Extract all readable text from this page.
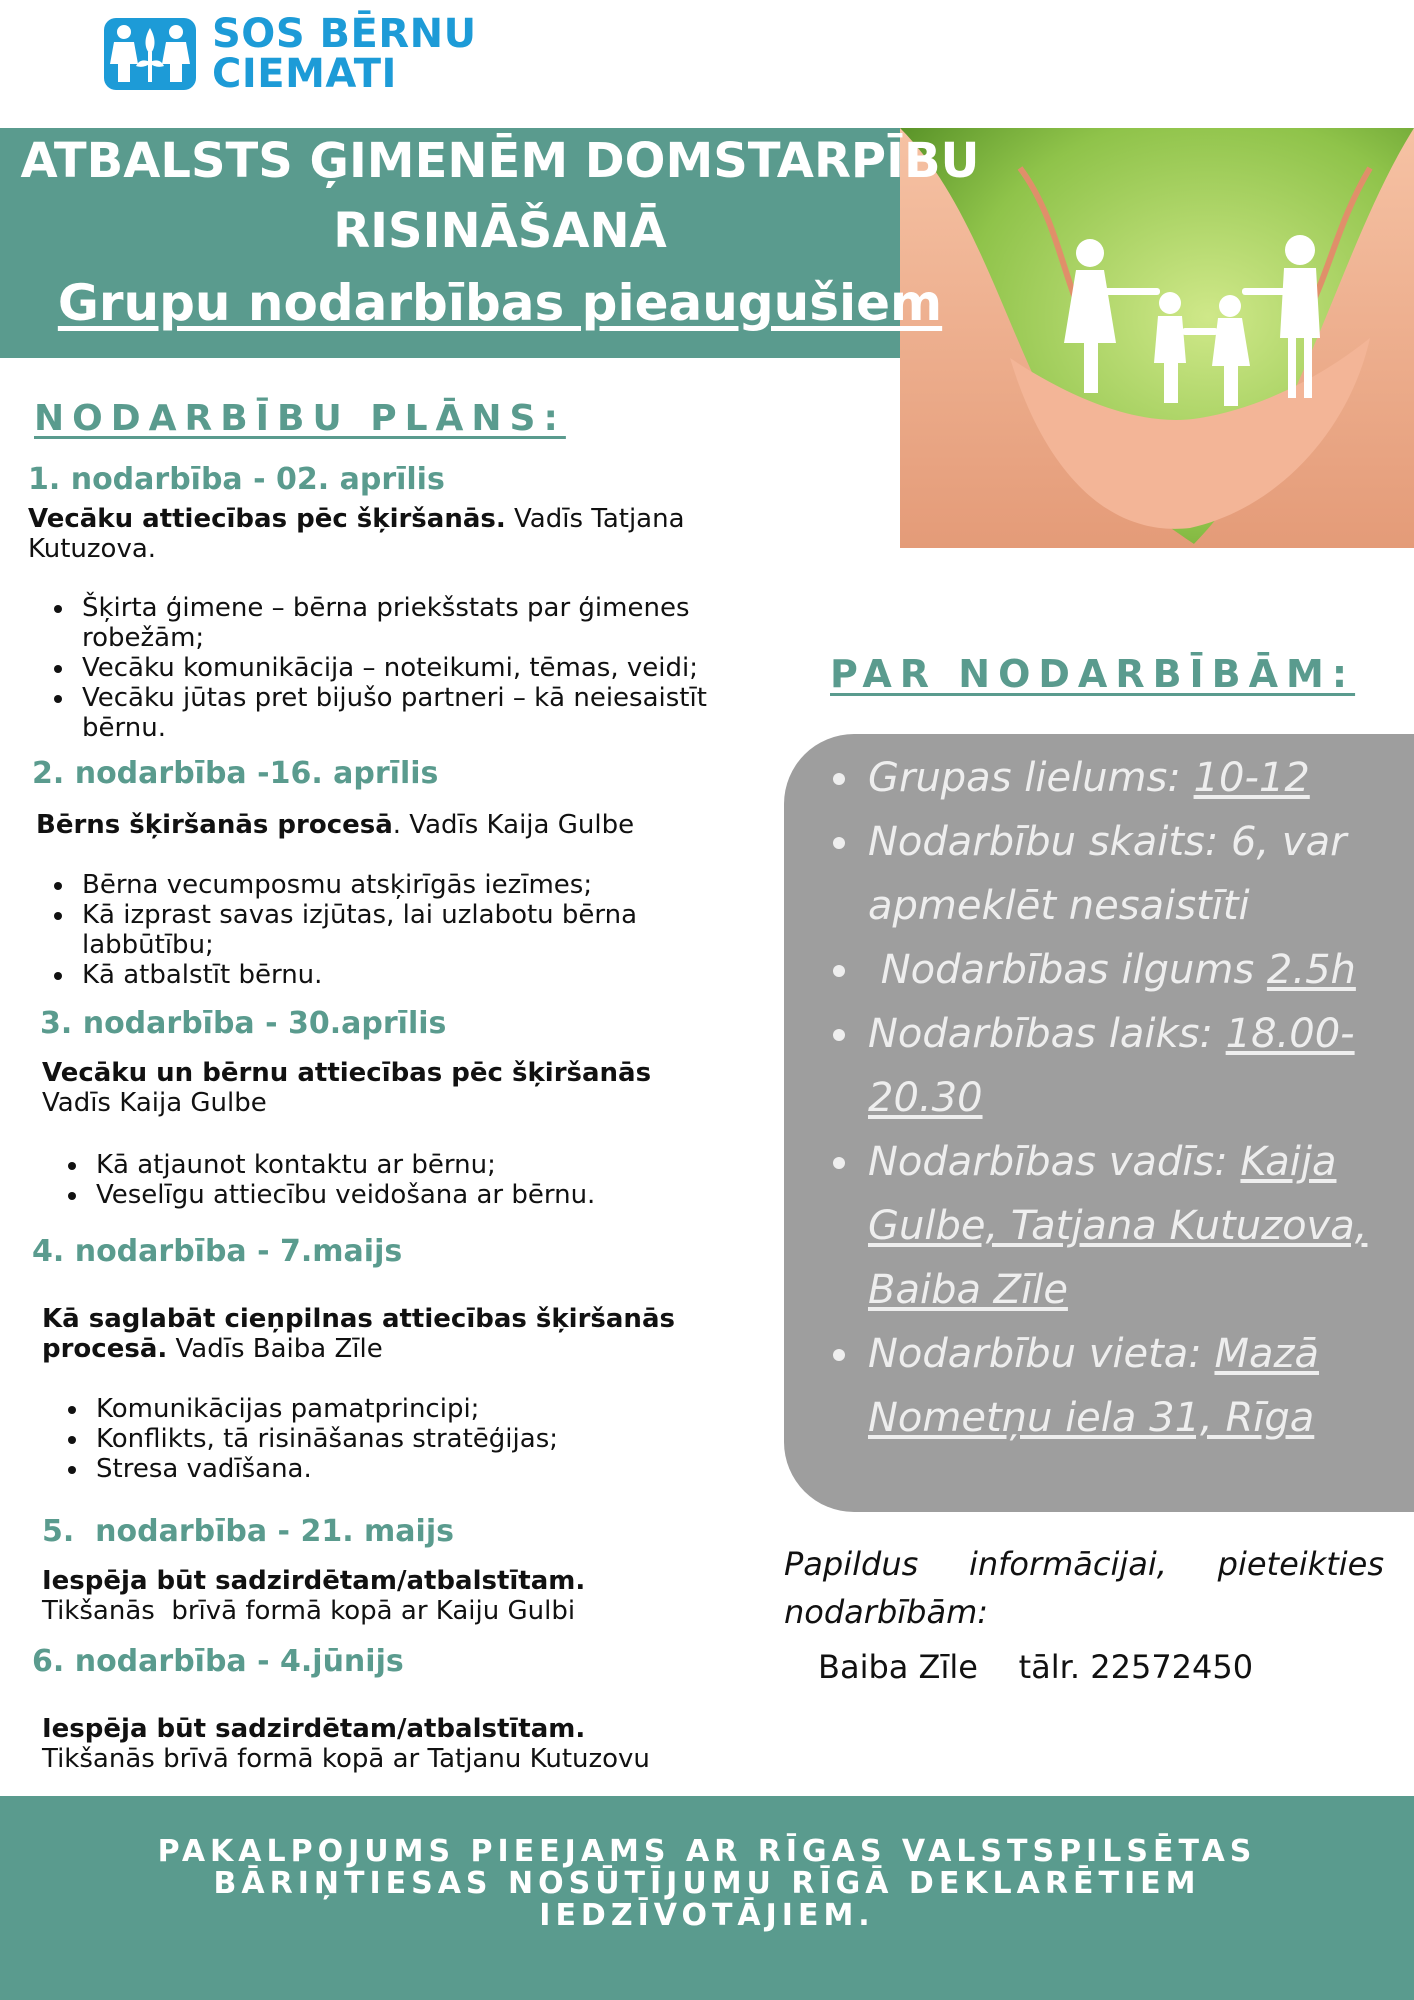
SOS BĒRNU
CIEMATI
ATBALSTS ĢIMENĒM DOMSTARPĪBU
RISINĀŠANĀ
Grupu nodarbības pieaugušiem
NODARBĪBU PLĀNS:
1. nodarbība - 02. aprīlis
Vecāku attiecības pēc šķiršanās. Vadīs Tatjana Kutuzova.
• Šķirta ģimene – bērna priekšstats par ģimenes robežām;
• Vecāku komunikācija – noteikumi, tēmas, veidi;
• Vecāku jūtas pret bijušo partneri – kā neiesaistīt bērnu.
2. nodarbība -16. aprīlis
Bērns šķiršanās procesā. Vadīs Kaija Gulbe
• Bērna vecumposmu atsķirīgās iezīmes;
• Kā izprast savas izjūtas, lai uzlabotu bērna labbūtību;
• Kā atbalstīt bērnu.
3. nodarbība - 30.aprīlis
Vecāku un bērnu attiecības pēc šķiršanās
Vadīs Kaija Gulbe
• Kā atjaunot kontaktu ar bērnu;
• Veselīgu attiecību veidošana ar bērnu.
4. nodarbība - 7.maijs
Kā saglabāt cieņpilnas attiecības šķiršanās procesā. Vadīs Baiba Zīle
• Komunikācijas pamatprincipi;
• Konflikts, tā risināšanas stratēģijas;
• Stresa vadīšana.
5.  nodarbība - 21. maijs
Iespēja būt sadzirdētam/atbalstītam.
Tikšanās  brīvā formā kopā ar Kaiju Gulbi
6. nodarbība - 4.jūnijs
Iespēja būt sadzirdētam/atbalstītam.
Tikšanās brīvā formā kopā ar Tatjanu Kutuzovu
PAR NODARBĪBĀM:
• Grupas lielums: 10-12
• Nodarbību skaits: 6, var apmeklēt nesaistīti
•  Nodarbības ilgums 2.5h
• Nodarbības laiks: 18.00-20.30
• Nodarbības vadīs: Kaija Gulbe, Tatjana Kutuzova, Baiba Zīle
• Nodarbību vieta: Mazā Nometņu iela 31, Rīga
Papildus informācijai, pieteikties nodarbībām:
Baiba Zīle tālr. 22572450
PAKALPOJUMS PIEEJAMS AR RĪGAS VALSTSPILSĒTAS
BĀRIŅTIESAS NOSŪTĪJUMU RĪGĀ DEKLARĒTIEM
IEDZĪVOTĀJIEM.
